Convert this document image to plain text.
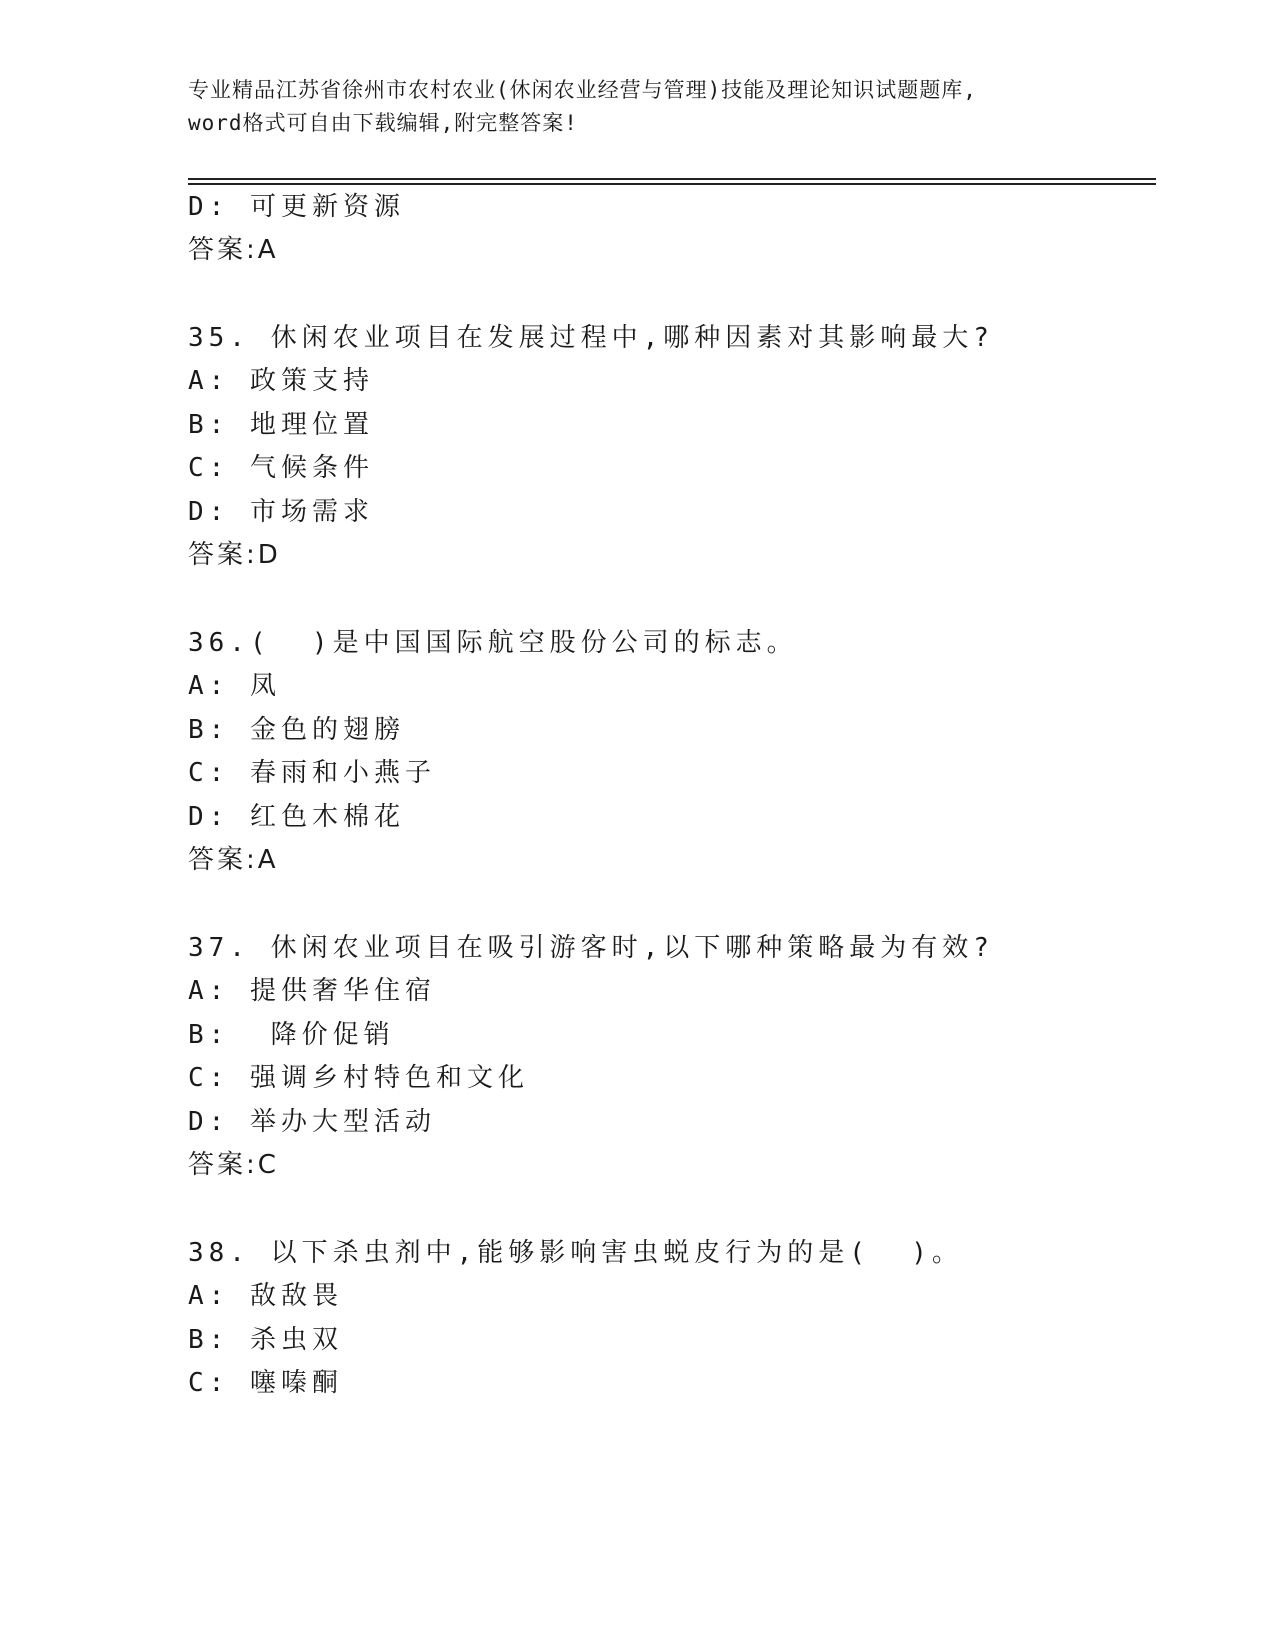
专业精品江苏省徐州市农村农业(休闲农业经营与管理)技能及理论知识试题题库,
word格式可自由下载编辑,附完整答案!
D: 可更新资源
答案:A
35. 休闲农业项目在发展过程中,哪种因素对其影响最大?
A: 政策支持
B: 地理位置
C: 气候条件
D: 市场需求
答案:D
36.(  )是中国国际航空股份公司的标志。
A: 凤
B: 金色的翅膀
C: 春雨和小燕子
D: 红色木棉花
答案:A
37. 休闲农业项目在吸引游客时,以下哪种策略最为有效?
A: 提供奢华住宿
B:  降价促销
C: 强调乡村特色和文化
D: 举办大型活动
答案:C
38. 以下杀虫剂中,能够影响害虫蜕皮行为的是(  )。
A: 敌敌畏
B: 杀虫双
C: 噻嗪酮
